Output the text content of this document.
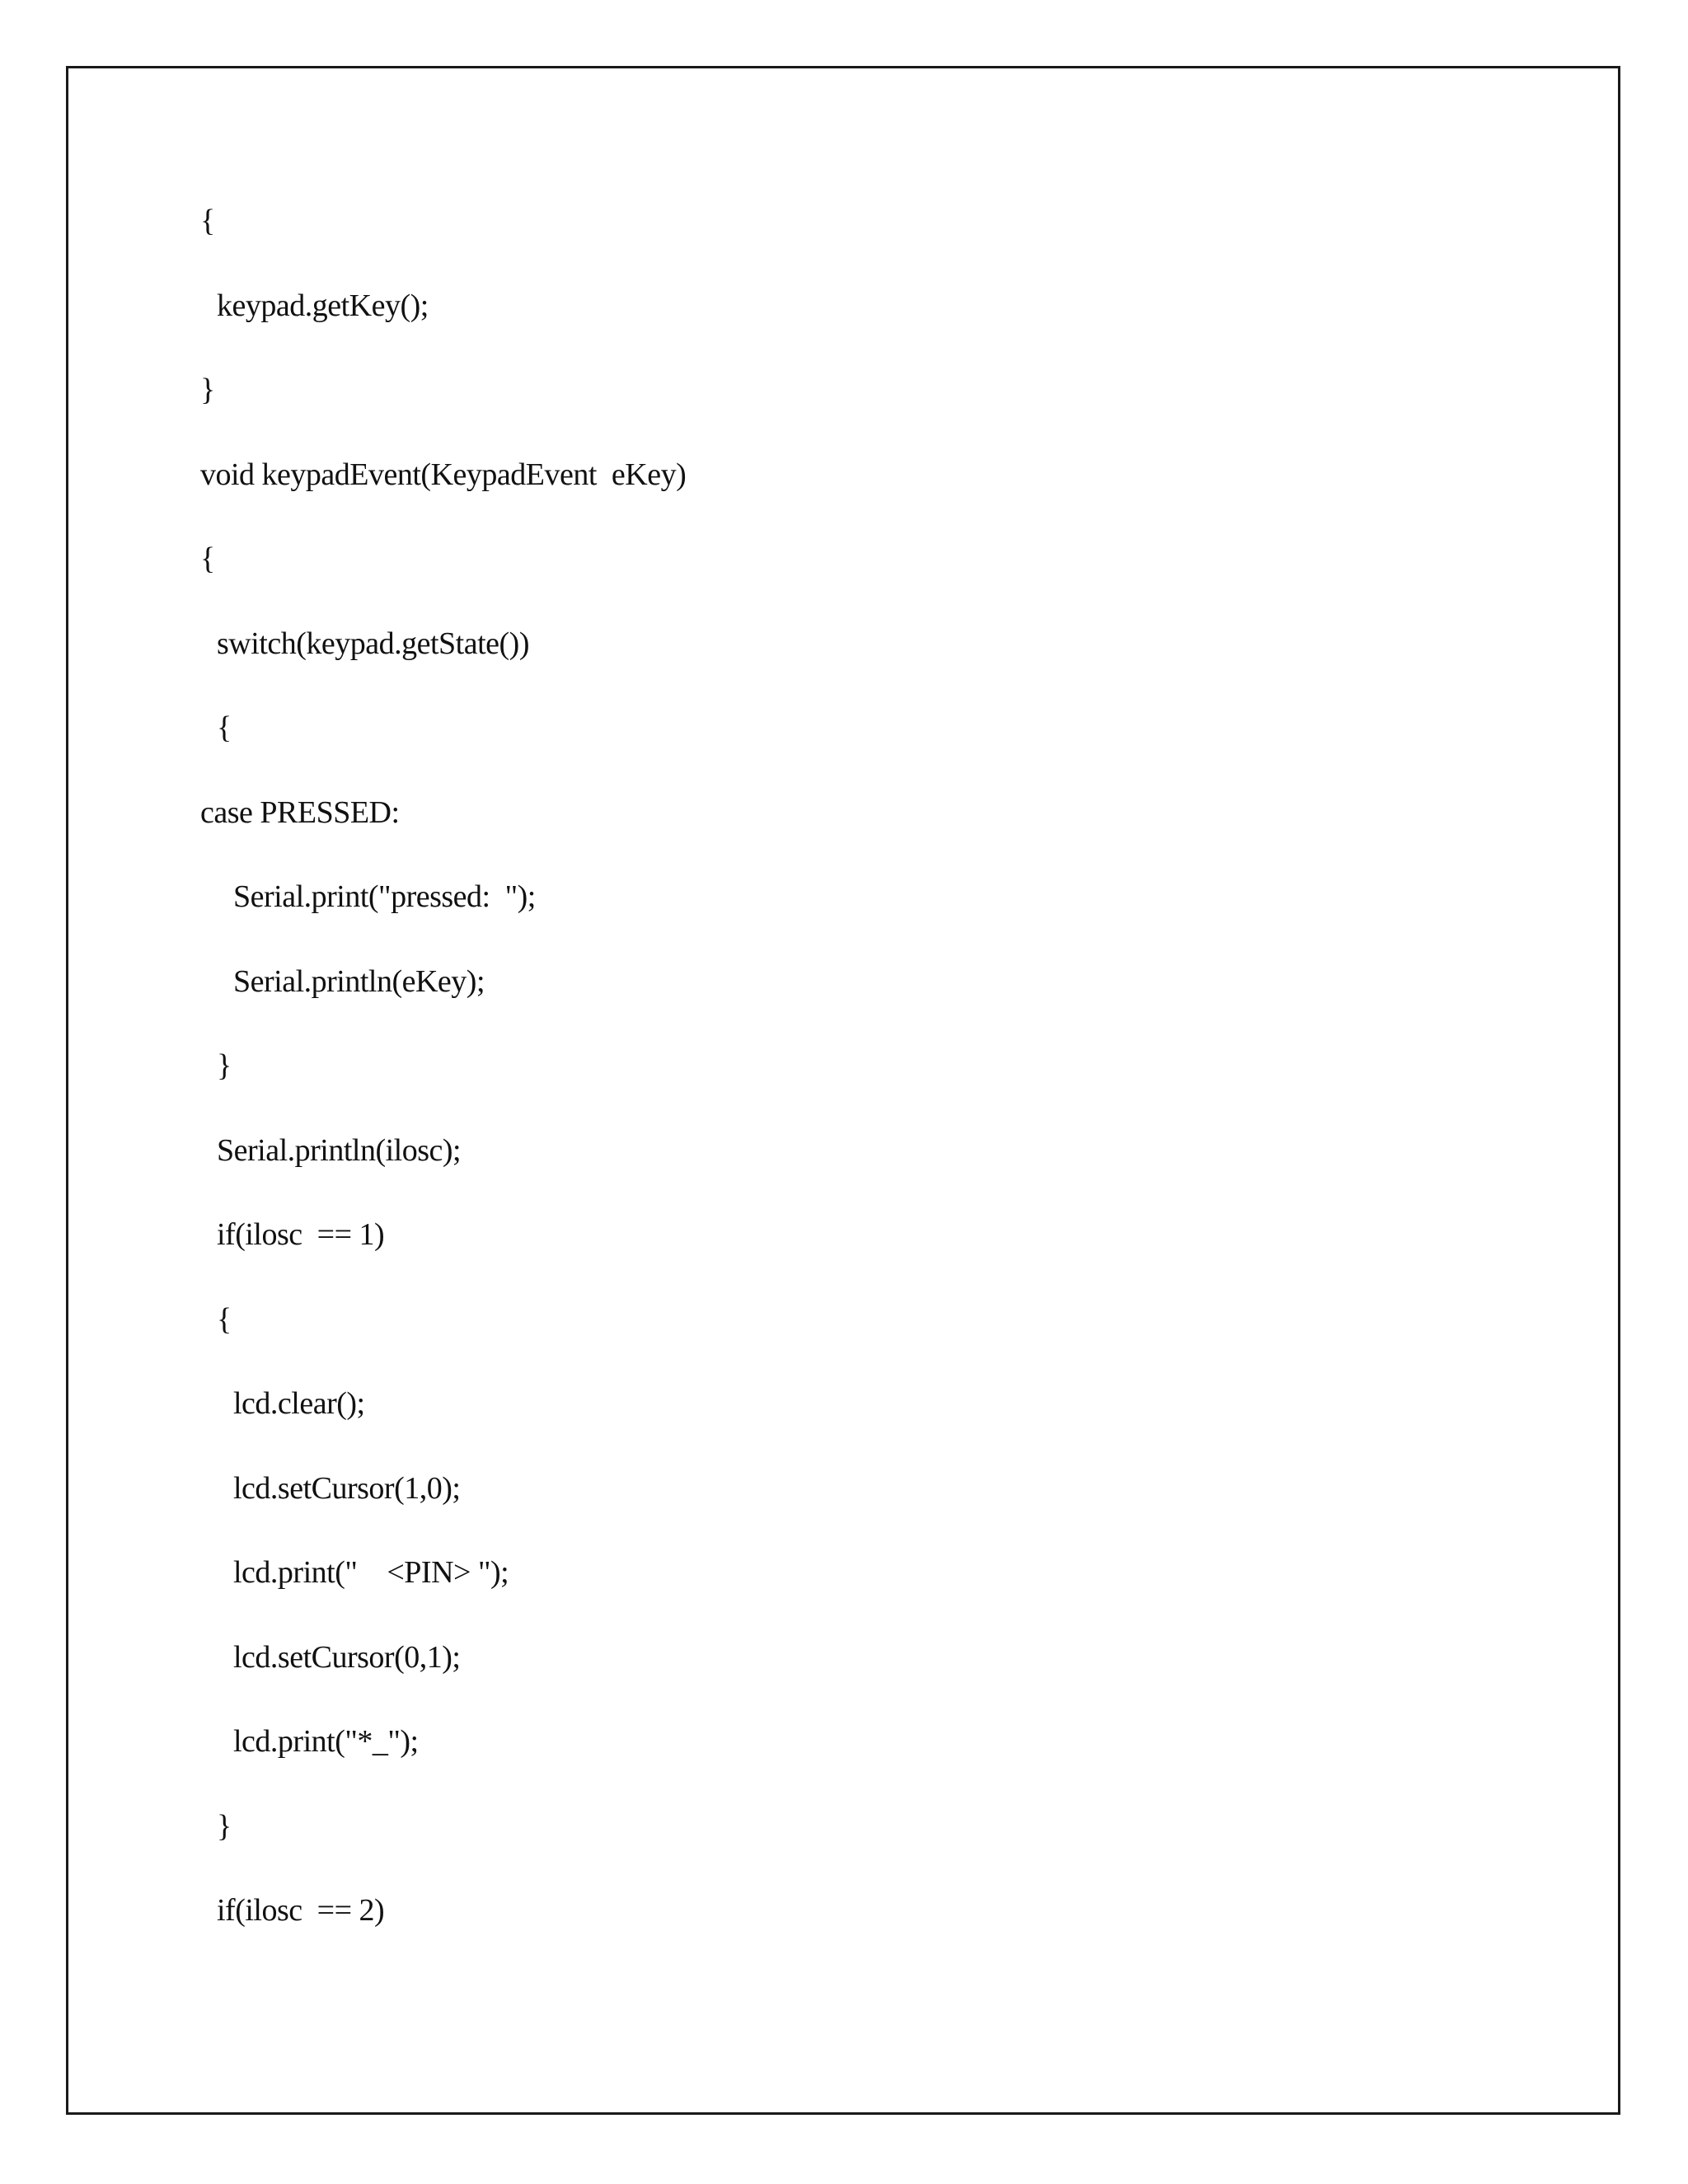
{
keypad.getKey();
}
void keypadEvent(KeypadEvent  eKey)
{
switch(keypad.getState())
{
case PRESSED:
Serial.print("pressed:  ");
Serial.println(eKey);
}
Serial.println(ilosc);
if(ilosc  == 1)
{
lcd.clear();
lcd.setCursor(1,0);
lcd.print("    <PIN> ");
lcd.setCursor(0,1);
lcd.print("*_");
}
if(ilosc  == 2)
